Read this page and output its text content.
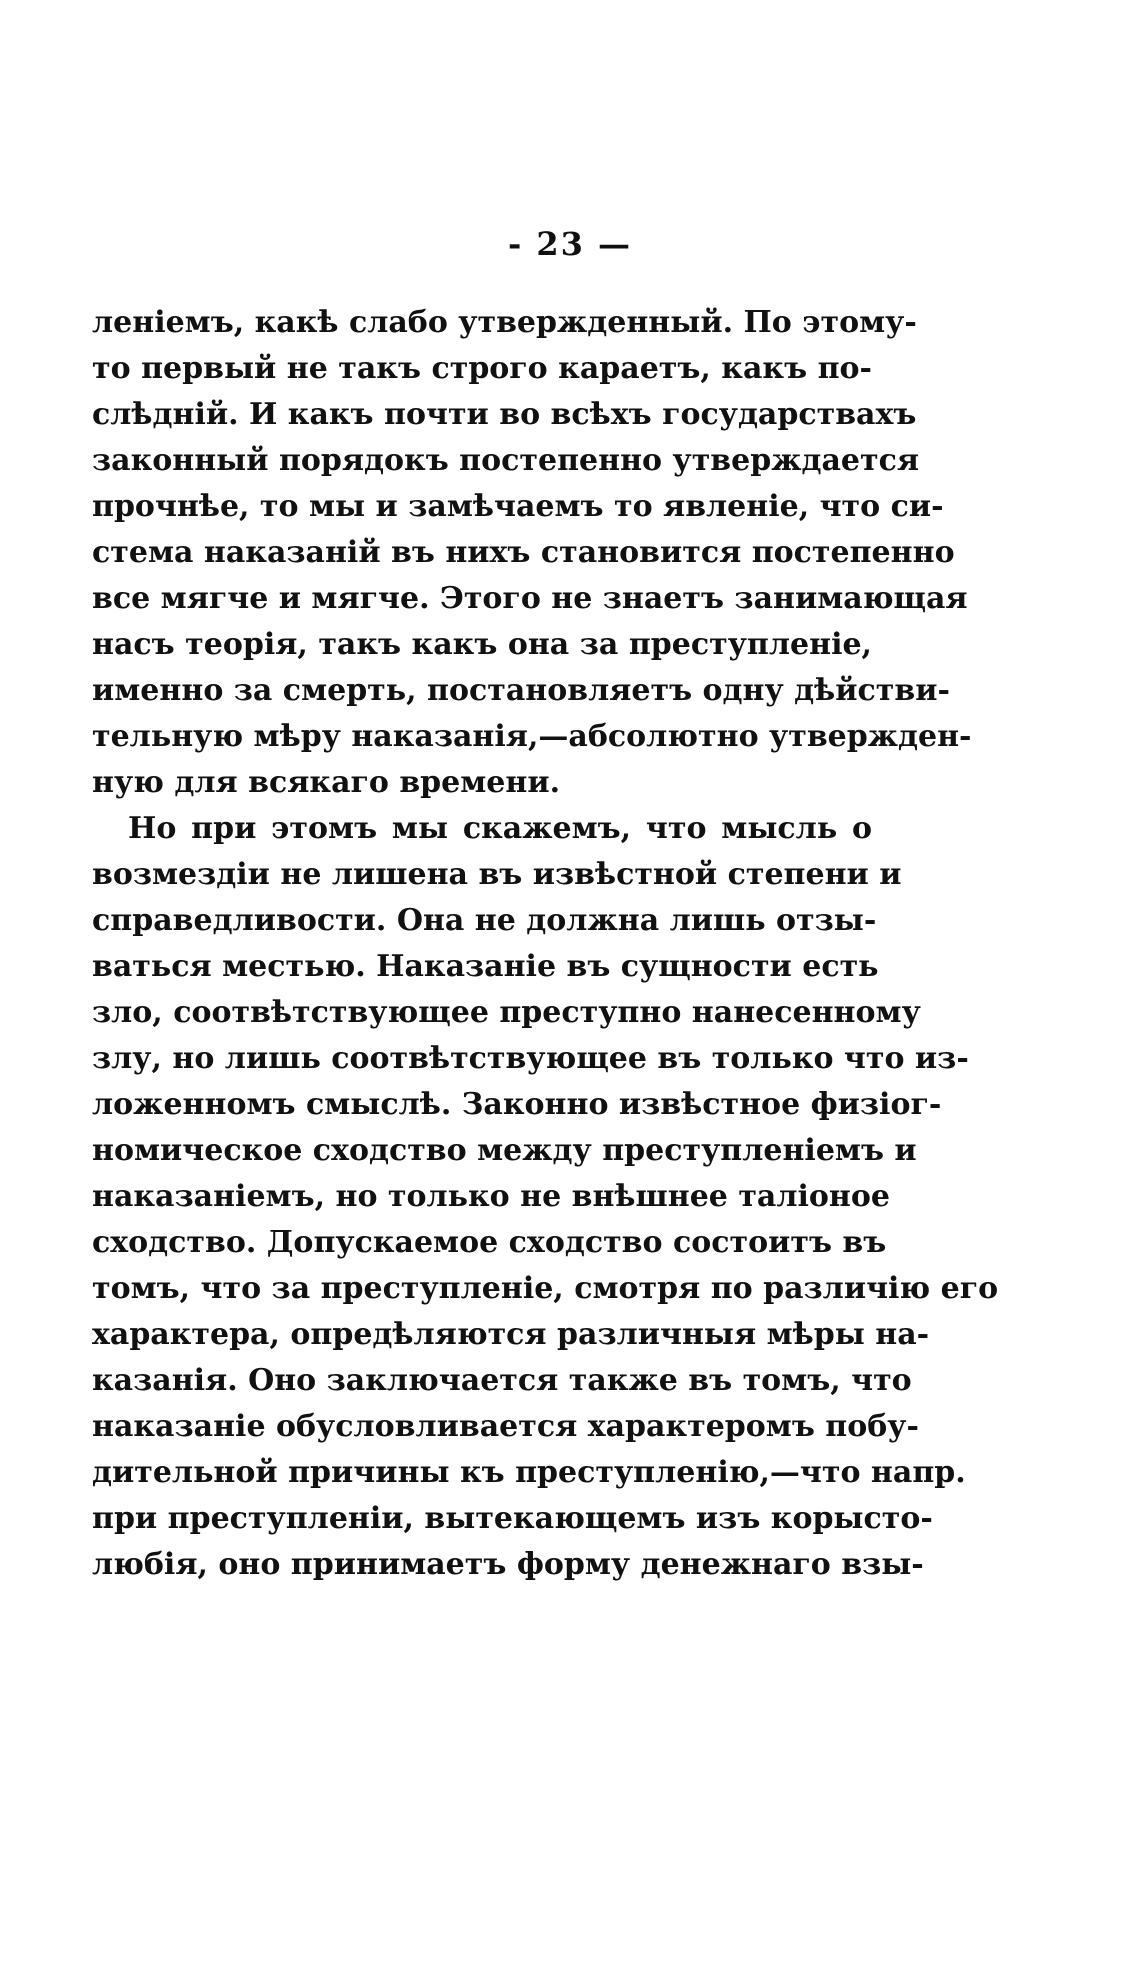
- 23 —
леніемъ, какѣ слабо утвержденный. По этому-
то первый не такъ строго караетъ, какъ по-
слѣдній. И какъ почти во всѣхъ государствахъ
законный порядокъ постепенно утверждается
прочнѣе, то мы и замѣчаемъ то явленіе, что си-
стема наказаній въ нихъ становится постепенно
все мягче и мягче. Этого не знаетъ занимающая
насъ теорія, такъ какъ она за преступленіе,
именно за смерть, постановляетъ одну дѣйстви-
тельную мѣру наказанія,—абсолютно утвержден-
ную для всякаго времени.
Но при этомъ мы скажемъ, что мысль о
возмездіи не лишена въ извѣстной степени и
справедливости. Она не должна лишь отзы-
ваться местью. Наказаніе въ сущности есть
зло, соотвѣтствующее преступно нанесенному
злу, но лишь соотвѣтствующее въ только что из-
ложенномъ смыслѣ. Законно извѣстное физіог-
номическое сходство между преступленіемъ и
наказаніемъ, но только не внѣшнее таліоное
сходство. Допускаемое сходство состоитъ въ
томъ, что за преступленіе, смотря по различію его
характера, опредѣляются различныя мѣры на-
казанія. Оно заключается также въ томъ, что
наказаніе обусловливается характеромъ побу-
дительной причины къ преступленію,—что напр.
при преступленіи, вытекающемъ изъ корысто-
любія, оно принимаетъ форму денежнаго взы-
